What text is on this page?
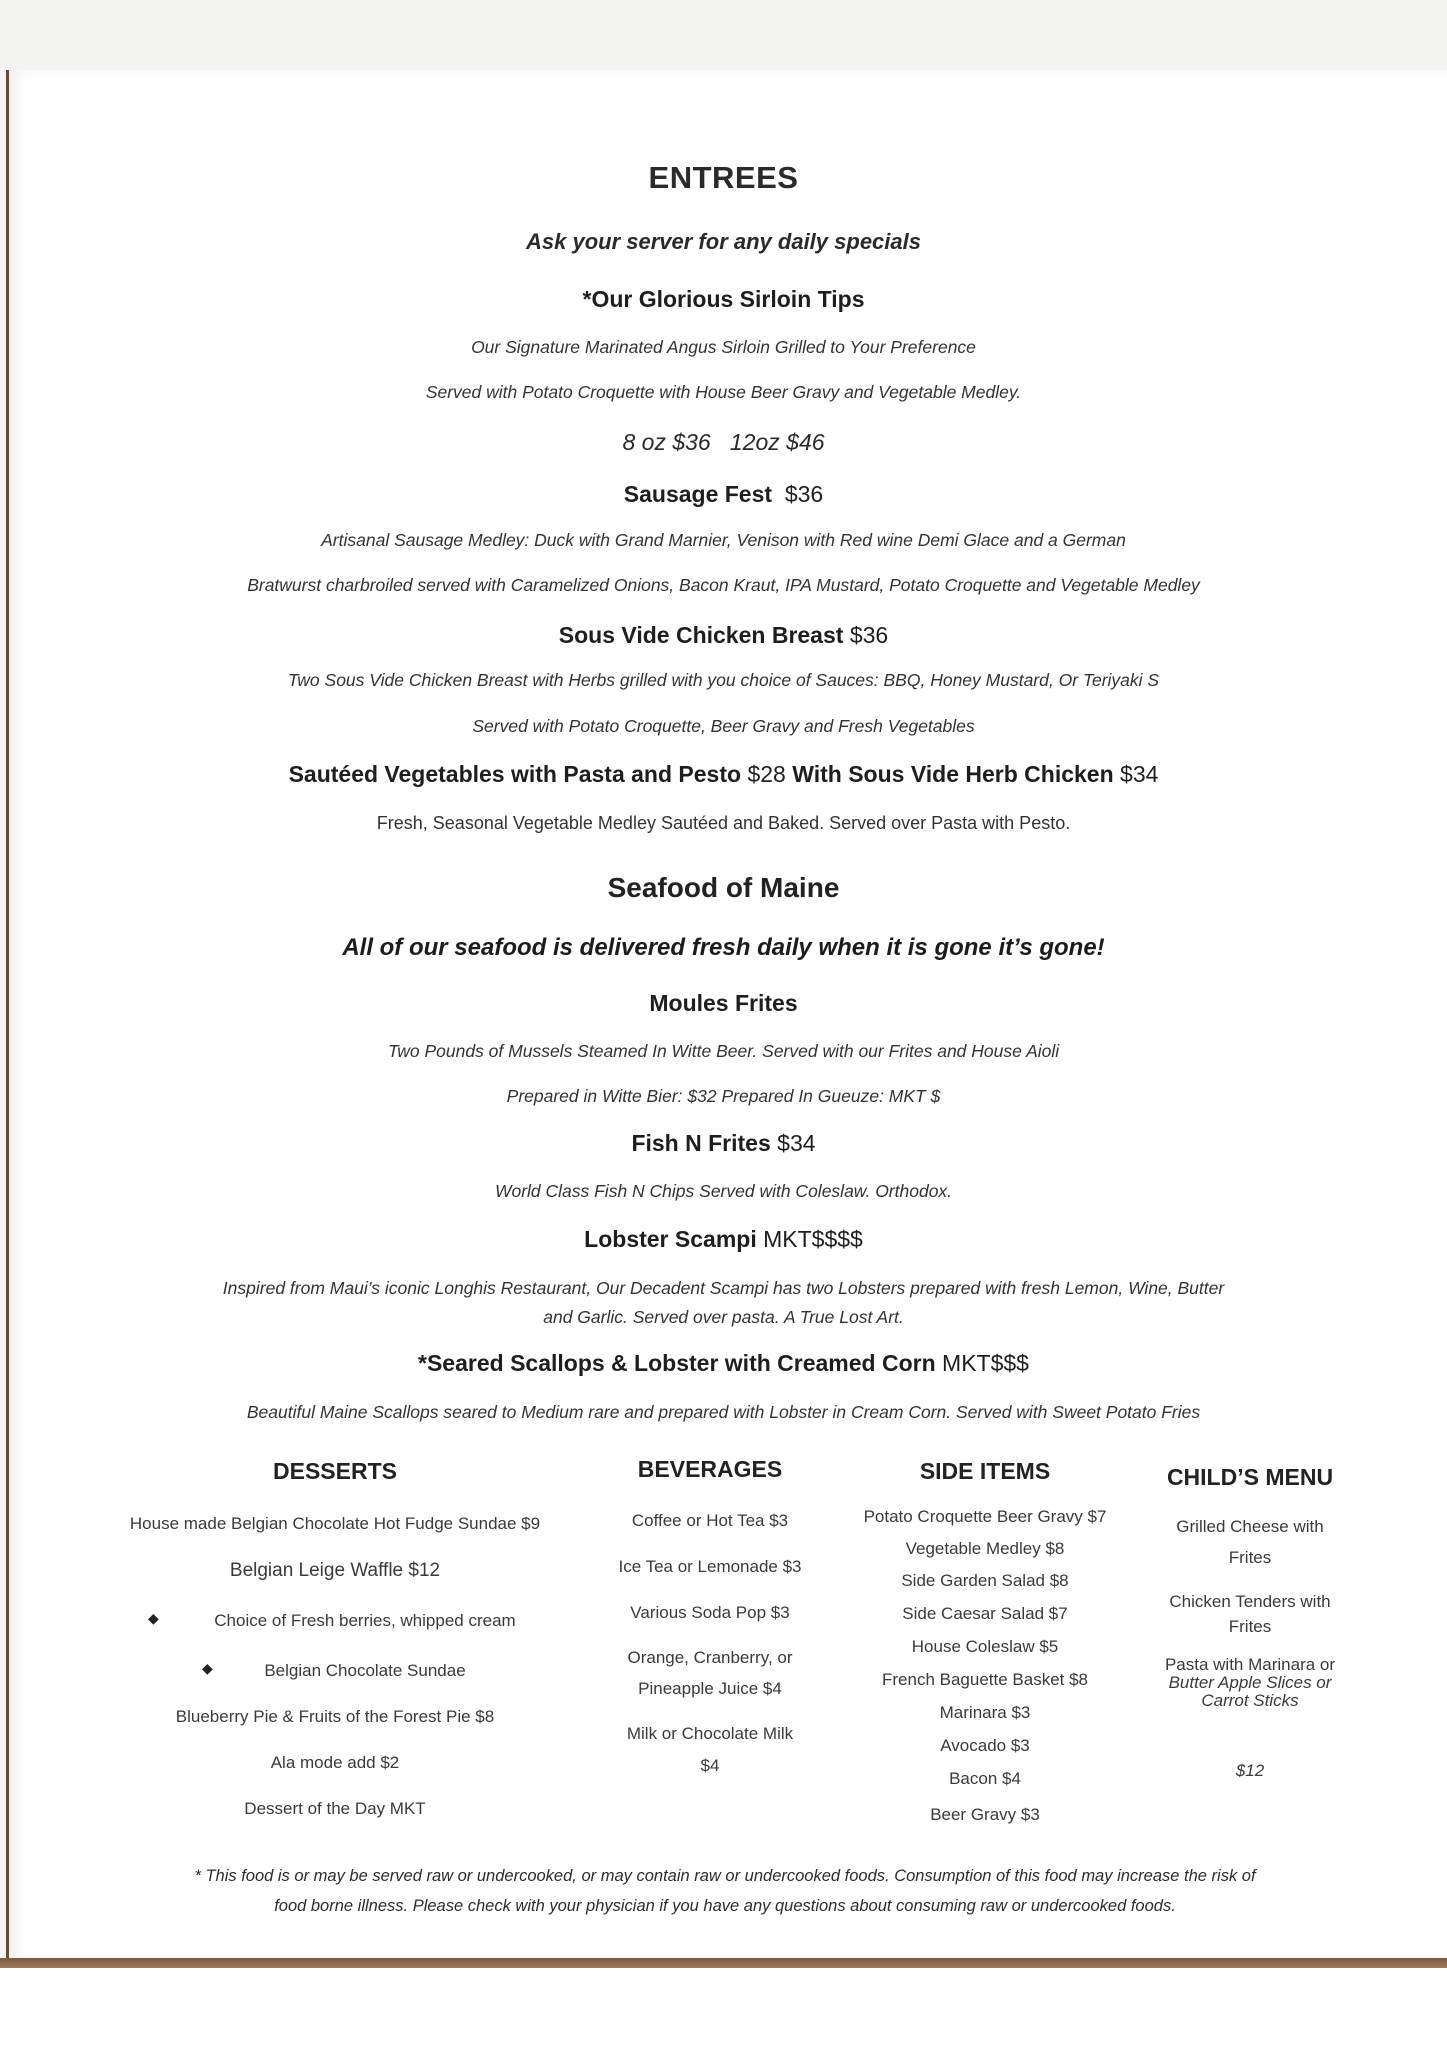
ENTREES
Ask your server for any daily specials
*Our Glorious Sirloin Tips
Our Signature Marinated Angus Sirloin Grilled to Your Preference
Served with Potato Croquette with House Beer Gravy and Vegetable Medley.
8 oz $36 12oz $46
Sausage Fest $36
Artisanal Sausage Medley: Duck with Grand Marnier, Venison with Red wine Demi Glace and a German
Bratwurst charbroiled served with Caramelized Onions, Bacon Kraut, IPA Mustard, Potato Croquette and Vegetable Medley
Sous Vide Chicken Breast $36
Two Sous Vide Chicken Breast with Herbs grilled with you choice of Sauces: BBQ, Honey Mustard, Or Teriyaki S
Served with Potato Croquette, Beer Gravy and Fresh Vegetables
Sautéed Vegetables with Pasta and Pesto $28 With Sous Vide Herb Chicken $34
Fresh, Seasonal Vegetable Medley Sautéed and Baked. Served over Pasta with Pesto.
Seafood of Maine
All of our seafood is delivered fresh daily when it is gone it’s gone!
Moules Frites
Two Pounds of Mussels Steamed In Witte Beer. Served with our Frites and House Aioli
Prepared in Witte Bier: $32 Prepared In Gueuze: MKT $
Fish N Frites $34
World Class Fish N Chips Served with Coleslaw. Orthodox.
Lobster Scampi MKT$$$$
Inspired from Maui’s iconic Longhis Restaurant, Our Decadent Scampi has two Lobsters prepared with fresh Lemon, Wine, Butter
and Garlic. Served over pasta. A True Lost Art.
*Seared Scallops & Lobster with Creamed Corn MKT$$$
Beautiful Maine Scallops seared to Medium rare and prepared with Lobster in Cream Corn. Served with Sweet Potato Fries
DESSERTS
House made Belgian Chocolate Hot Fudge Sundae $9
Belgian Leige Waffle $12
◆	Choice of Fresh berries, whipped cream
◆	Belgian Chocolate Sundae
Blueberry Pie & Fruits of the Forest Pie $8
Ala mode add $2
Dessert of the Day MKT
BEVERAGES
Coffee or Hot Tea $3
Ice Tea or Lemonade $3
Various Soda Pop $3
Orange, Cranberry, or
Pineapple Juice $4
Milk or Chocolate Milk
$4
SIDE ITEMS
Potato Croquette Beer Gravy $7
Vegetable Medley $8
Side Garden Salad $8
Side Caesar Salad $7
House Coleslaw $5
French Baguette Basket $8
Marinara $3
Avocado $3
Bacon $4
Beer Gravy $3
CHILD’S MENU
Grilled Cheese with
Frites
Chicken Tenders with
Frites
Pasta with Marinara or
Butter Apple Slices or
Carrot Sticks
$12
* This food is or may be served raw or undercooked, or may contain raw or undercooked foods. Consumption of this food may increase the risk of
food borne illness. Please check with your physician if you have any questions about consuming raw or undercooked foods.
